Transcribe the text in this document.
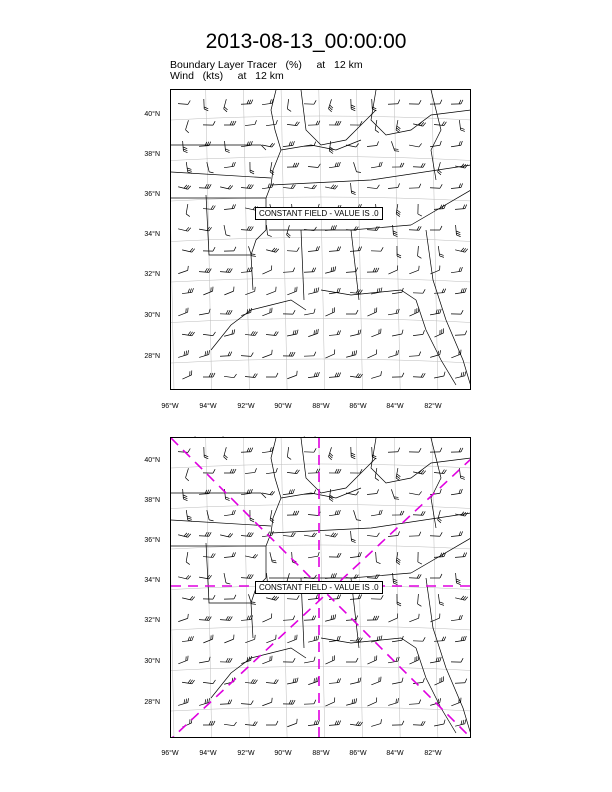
2013-08-13_00:00:00
Boundary Layer Tracer   (%)     at   12 km
Wind   (kts)     at   12 km
CONSTANT FIELD - VALUE IS .0
CONSTANT FIELD - VALUE IS .0
40°N
38°N
36°N
34°N
32°N
30°N
28°N
96°W	94°W	92°W	90°W	88°W	86°W	84°W	82°W
40°N
38°N
36°N
34°N
32°N
30°N
28°N
96°W	94°W	92°W	90°W	88°W	86°W	84°W	82°W
